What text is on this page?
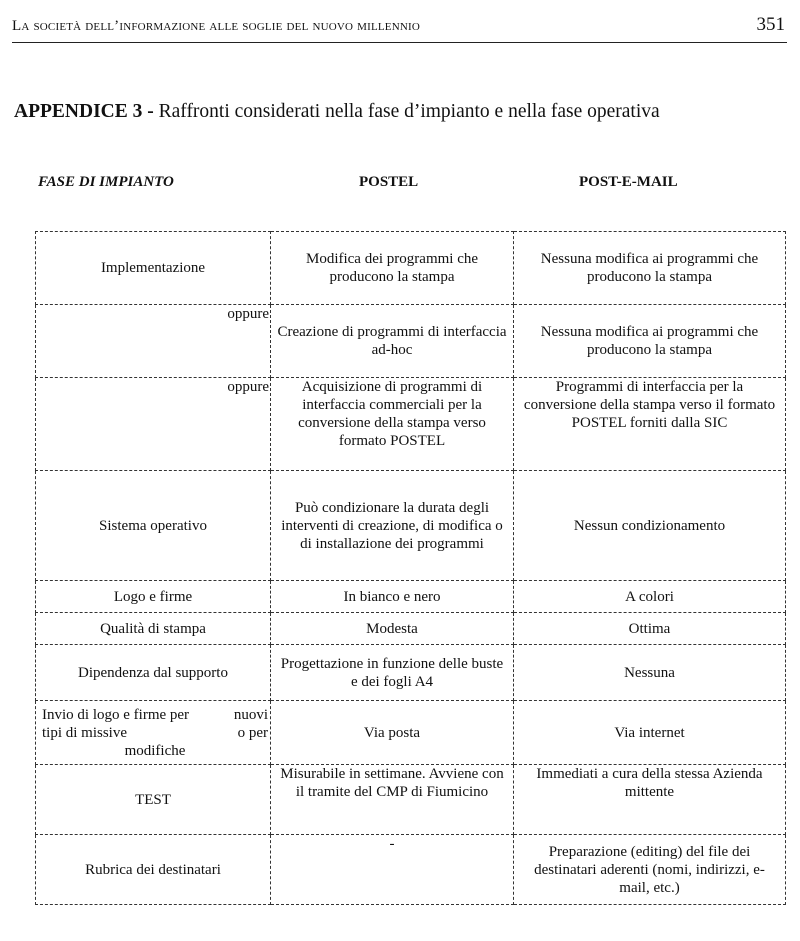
La società dell’informazione alle soglie del nuovo millennio	351
APPENDICE 3 - Raffronti considerati nella fase d’impianto e nella fase operativa
FASE DI IMPIANTO	POSTEL	POST-E-MAIL
Implementazione	Modifica dei programmi che producono la stampa	Nessuna modifica ai programmi che producono la stampa

oppure	Creazione di programmi di interfaccia ad-hoc	Nessuna modifica ai programmi che producono la stampa

oppure	Acquisizione di programmi di interfaccia commerciali per la conversione della stampa verso formato POSTEL	Programmi di interfaccia per la conversione della stampa verso il formato POSTEL forniti dalla SIC
Sistema operativo	Può condizionare la durata degli interventi di creazione, di modifica o di installazione dei programmi	Nessun condizionamento
Logo e firme	In bianco e nero	A colori
Qualità di stampa	Modesta	Ottima
Dipendenza dal supporto	Progettazione in funzione delle buste e dei fogli A4	Nessuna

Invio di logo e firme per nuovi

tipi di missive o per
modifiche	Via posta	Via internet
TEST	Misurabile in settimane. Avviene con il tramite del CMP di Fiumicino	Immediati a cura della stessa Azienda mittente
Rubrica dei destinatari	-	Preparazione (editing) del file dei destinatari aderenti (nomi, indirizzi, e-mail, etc.)
